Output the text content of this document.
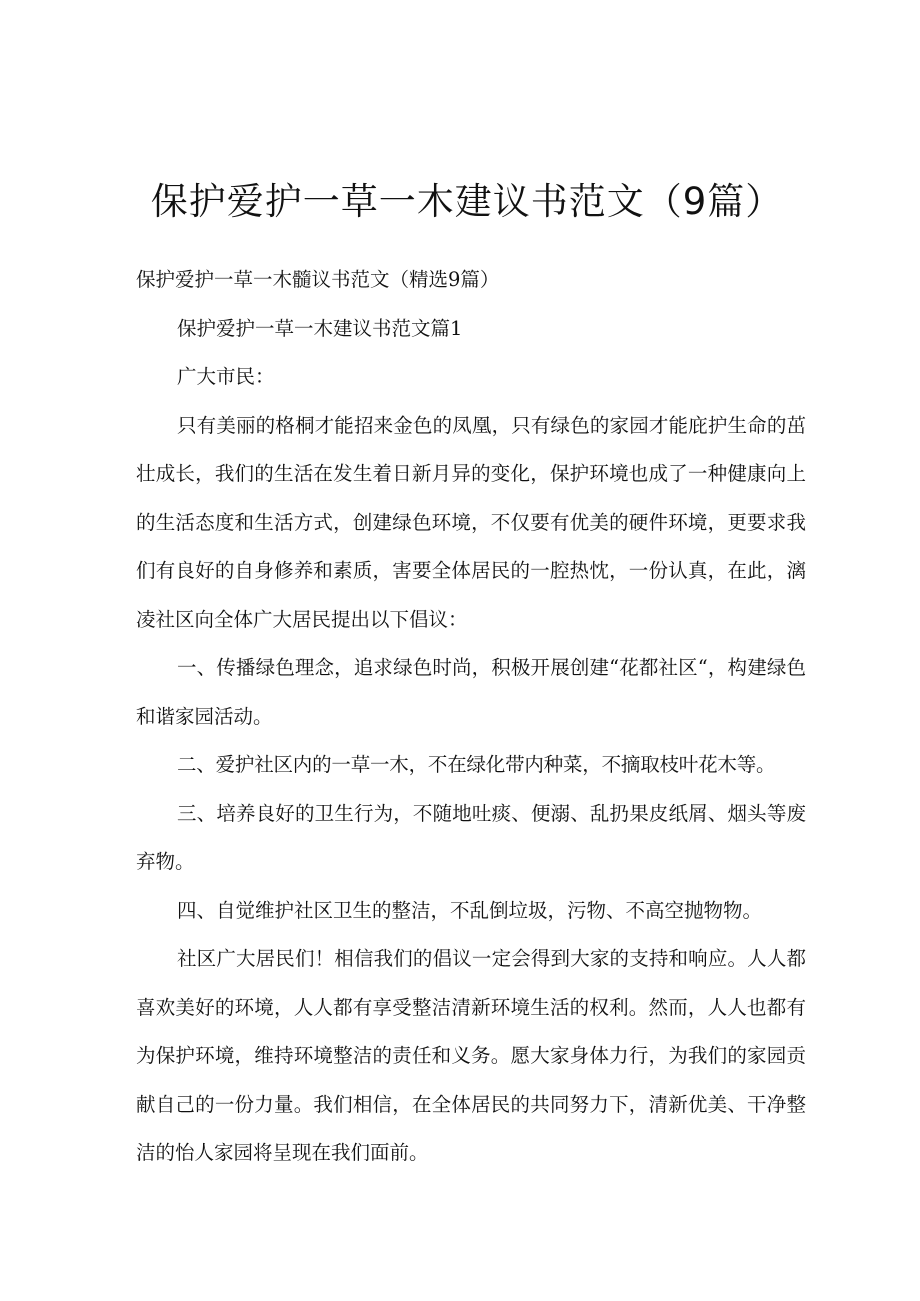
保护爱护一草一木建议书范文（9篇）

保护爱护一草一木髓议书范文（精选9篇）

保护爱护一草一木建议书范文篇1

广大市民：

只有美丽的格桐才能招来金色的凤凰，只有绿色的家园才能庇护生命的茁壮成长，我们的生活在发生着日新月异的变化，保护环境也成了一种健康向上的生活态度和生活方式，创建绿色环境，不仅要有优美的硬件环境，更要求我们有良好的自身修养和素质，害要全体居民的一腔热忱，一份认真，在此，漓凌社区向全体广大居民提出以下倡议：

一、传播绿色理念，追求绿色时尚，积极开展创建“花都社区“，构建绿色和谐家园活动。

二、爱护社区内的一草一木，不在绿化带内种菜，不摘取枝叶花木等。

三、培养良好的卫生行为，不随地吐痰、便溺、乱扔果皮纸屑、烟头等废弃物。

四、自觉维护社区卫生的整洁，不乱倒垃圾，污物、不高空抛物物。

社区广大居民们！相信我们的倡议一定会得到大家的支持和响应。人人都喜欢美好的环境，人人都有享受整洁清新环境生活的权利。然而，人人也都有为保护环境，维持环境整洁的责任和义务。愿大家身体力行，为我们的家园贡献自己的一份力量。我们相信，在全体居民的共同努力下，清新优美、干净整洁的怡人家园将呈现在我们面前。
